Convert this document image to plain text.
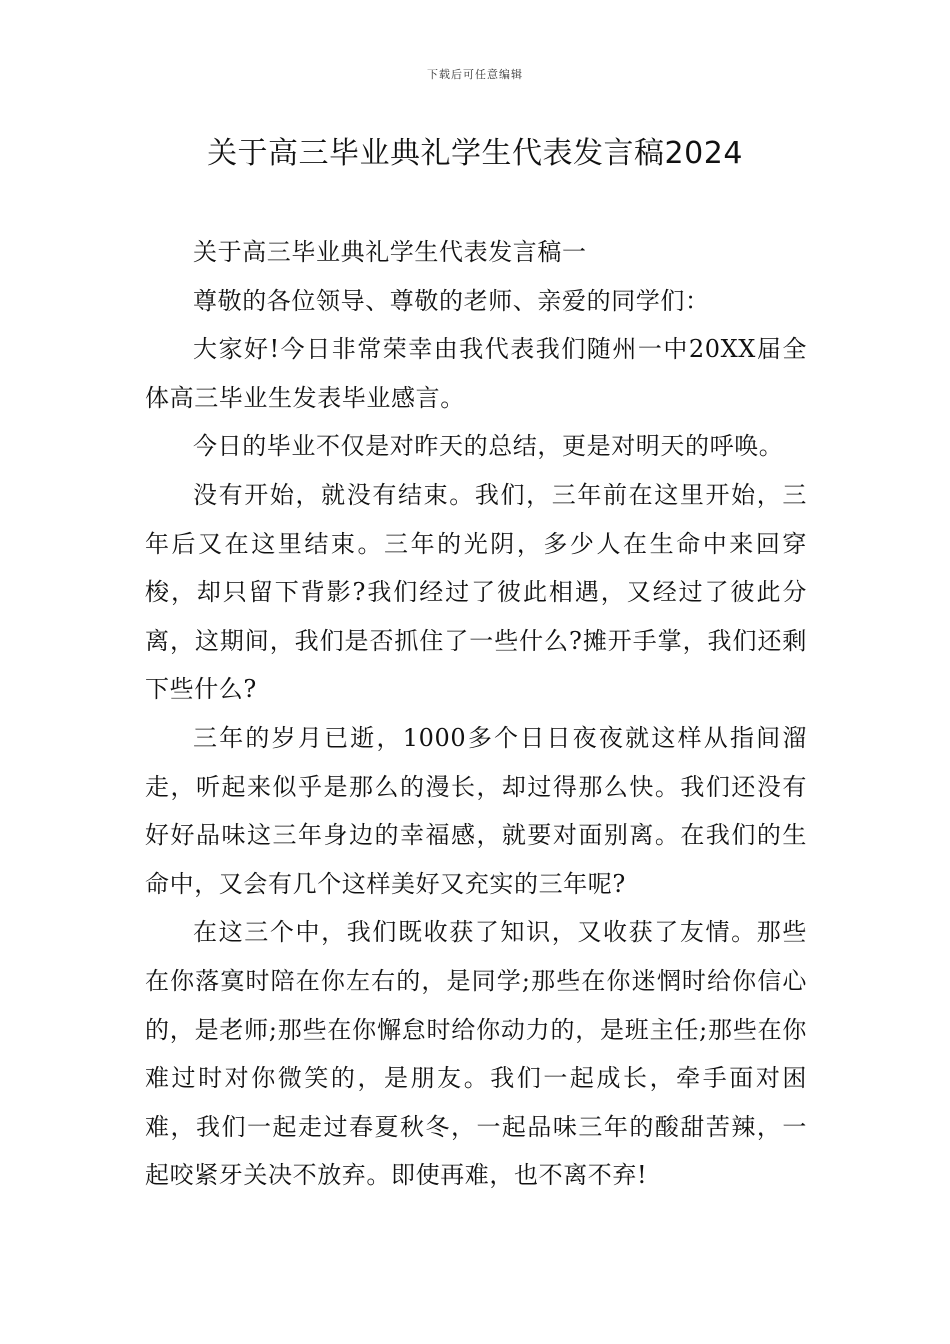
下载后可任意编辑
关于高三毕业典礼学生代表发言稿2024

关于高三毕业典礼学生代表发言稿一

尊敬的各位领导、尊敬的老师、亲爱的同学们：

大家好!今日非常荣幸由我代表我们随州一中20XX届全体高三毕业生发表毕业感言。

今日的毕业不仅是对昨天的总结，更是对明天的呼唤。

没有开始，就没有结束。我们，三年前在这里开始，三年后又在这里结束。三年的光阴，多少人在生命中来回穿梭，却只留下背影?我们经过了彼此相遇，又经过了彼此分离，这期间，我们是否抓住了一些什么?摊开手掌，我们还剩下些什么?

三年的岁月已逝，1000多个日日夜夜就这样从指间溜走，听起来似乎是那么的漫长，却过得那么快。我们还没有好好品味这三年身边的幸福感，就要对面别离。在我们的生命中，又会有几个这样美好又充实的三年呢?

在这三个中，我们既收获了知识，又收获了友情。那些在你落寞时陪在你左右的，是同学;那些在你迷惘时给你信心的，是老师;那些在你懈怠时给你动力的，是班主任;那些在你难过时对你微笑的，是朋友。我们一起成长，牵手面对困难，我们一起走过春夏秋冬，一起品味三年的酸甜苦辣，一起咬紧牙关决不放弃。即使再难，也不离不弃!
